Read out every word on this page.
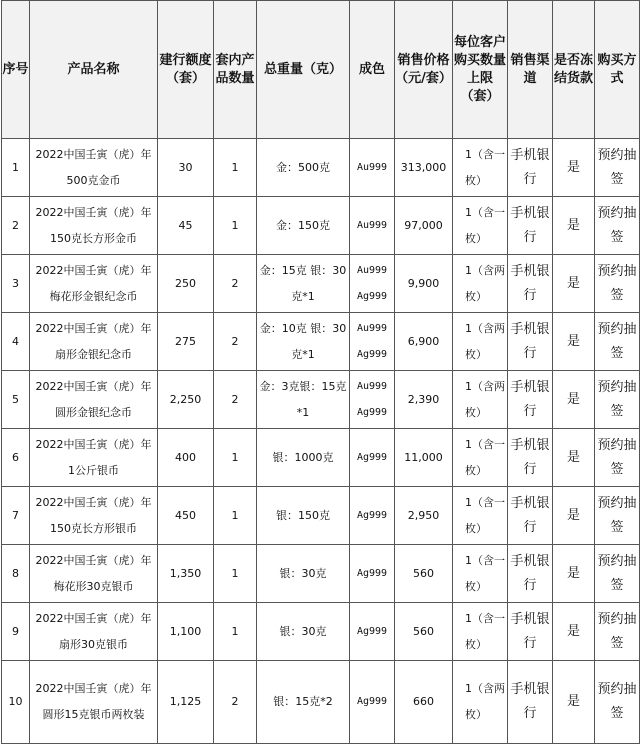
序号	产品名称	建行额度（套）	套内产品数量	总重量（克）	成色	销售价格（元/套）	每位客户购买数量上限（套）	销售渠道	是否冻结货款	购买方式
1	2022中国壬寅（虎）年500克金币	30	1	金：500克	Au999	313,000	1（含一枚）	手机银行	是	预约抽签
2	2022中国壬寅（虎）年150克长方形金币	45	1	金：150克	Au999	97,000	1（含一枚）	手机银行	是	预约抽签
3	2022中国壬寅（虎）年梅花形金银纪念币	250	2	金：15克 银：30克*1	Au999 Ag999	9,900	1（含两枚）	手机银行	是	预约抽签
4	2022中国壬寅（虎）年扇形金银纪念币	275	2	金：10克 银：30克*1	Au999 Ag999	6,900	1（含两枚）	手机银行	是	预约抽签
5	2022中国壬寅（虎）年圆形金银纪念币	2,250	2	金：3克银：15克*1	Au999 Ag999	2,390	1（含两枚）	手机银行	是	预约抽签
6	2022中国壬寅（虎）年1公斤银币	400	1	银：1000克	Ag999	11,000	1（含一枚）	手机银行	是	预约抽签
7	2022中国壬寅（虎）年150克长方形银币	450	1	银：150克	Ag999	2,950	1（含一枚）	手机银行	是	预约抽签
8	2022中国壬寅（虎）年梅花形30克银币	1,350	1	银：30克	Ag999	560	1（含一枚）	手机银行	是	预约抽签
9	2022中国壬寅（虎）年扇形30克银币	1,100	1	银：30克	Ag999	560	1（含一枚）	手机银行	是	预约抽签
10	2022中国壬寅（虎）年圆形15克银币两枚装	1,125	2	银：15克*2	Ag999	660	1（含两枚）	手机银行	是	预约抽签
